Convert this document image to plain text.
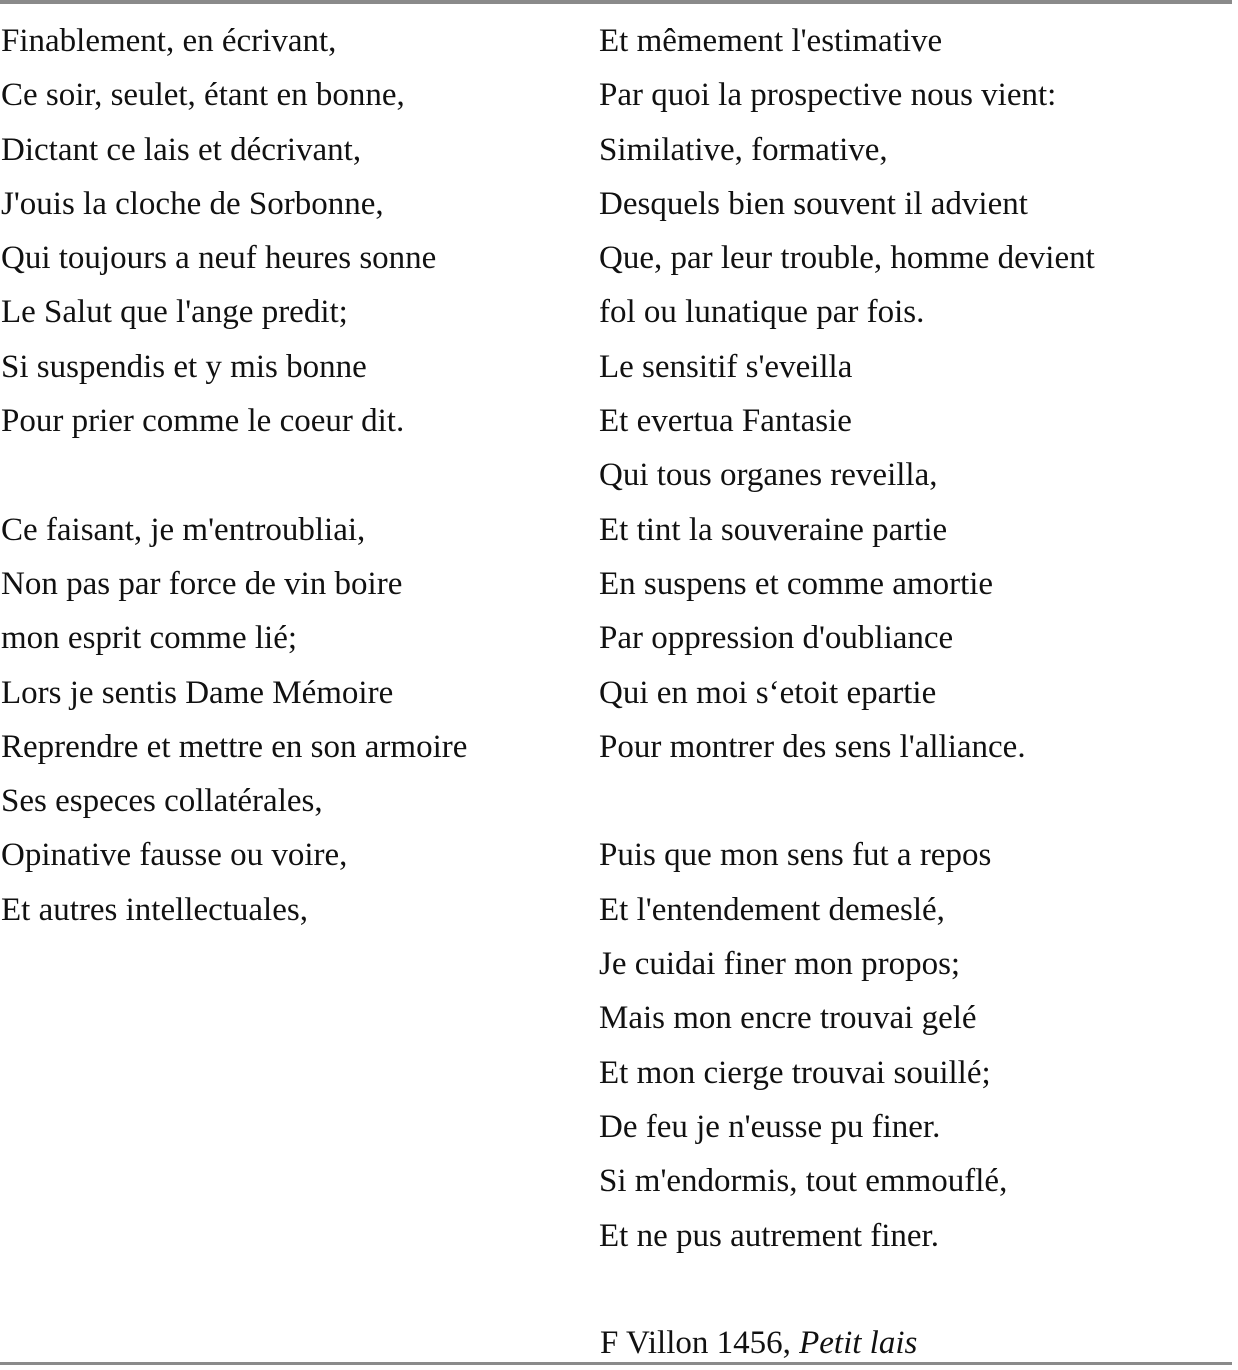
Finablement, en écrivant,
Ce soir, seulet, étant en bonne,
Dictant ce lais et décrivant,
J'ouis la cloche de Sorbonne,
Qui toujours a neuf heures sonne
Le Salut que l'ange predit;
Si suspendis et y mis bonne
Pour prier comme le coeur dit.
Ce faisant, je m'entroubliai,
Non pas par force de vin boire
mon esprit comme lié;
Lors je sentis Dame Mémoire
Reprendre et mettre en son armoire
Ses especes collatérales,
Opinative fausse ou voire,
Et autres intellectuales,
Et mêmement l'estimative
Par quoi la prospective nous vient:
Similative, formative,
Desquels bien souvent il advient
Que, par leur trouble, homme devient
fol ou lunatique par fois.
Le sensitif s'eveilla
Et evertua Fantasie
Qui tous organes reveilla,
Et tint la souveraine partie
En suspens et comme amortie
Par oppression d'oubliance
Qui en moi s‘etoit epartie
Pour montrer des sens l'alliance.
Puis que mon sens fut a repos
Et l'entendement demeslé,
Je cuidai finer mon propos;
Mais mon encre trouvai gelé
Et mon cierge trouvai souillé;
De feu je n'eusse pu finer.
Si m'endormis, tout emmouflé,
Et ne pus autrement finer.
F Villon 1456, Petit lais
